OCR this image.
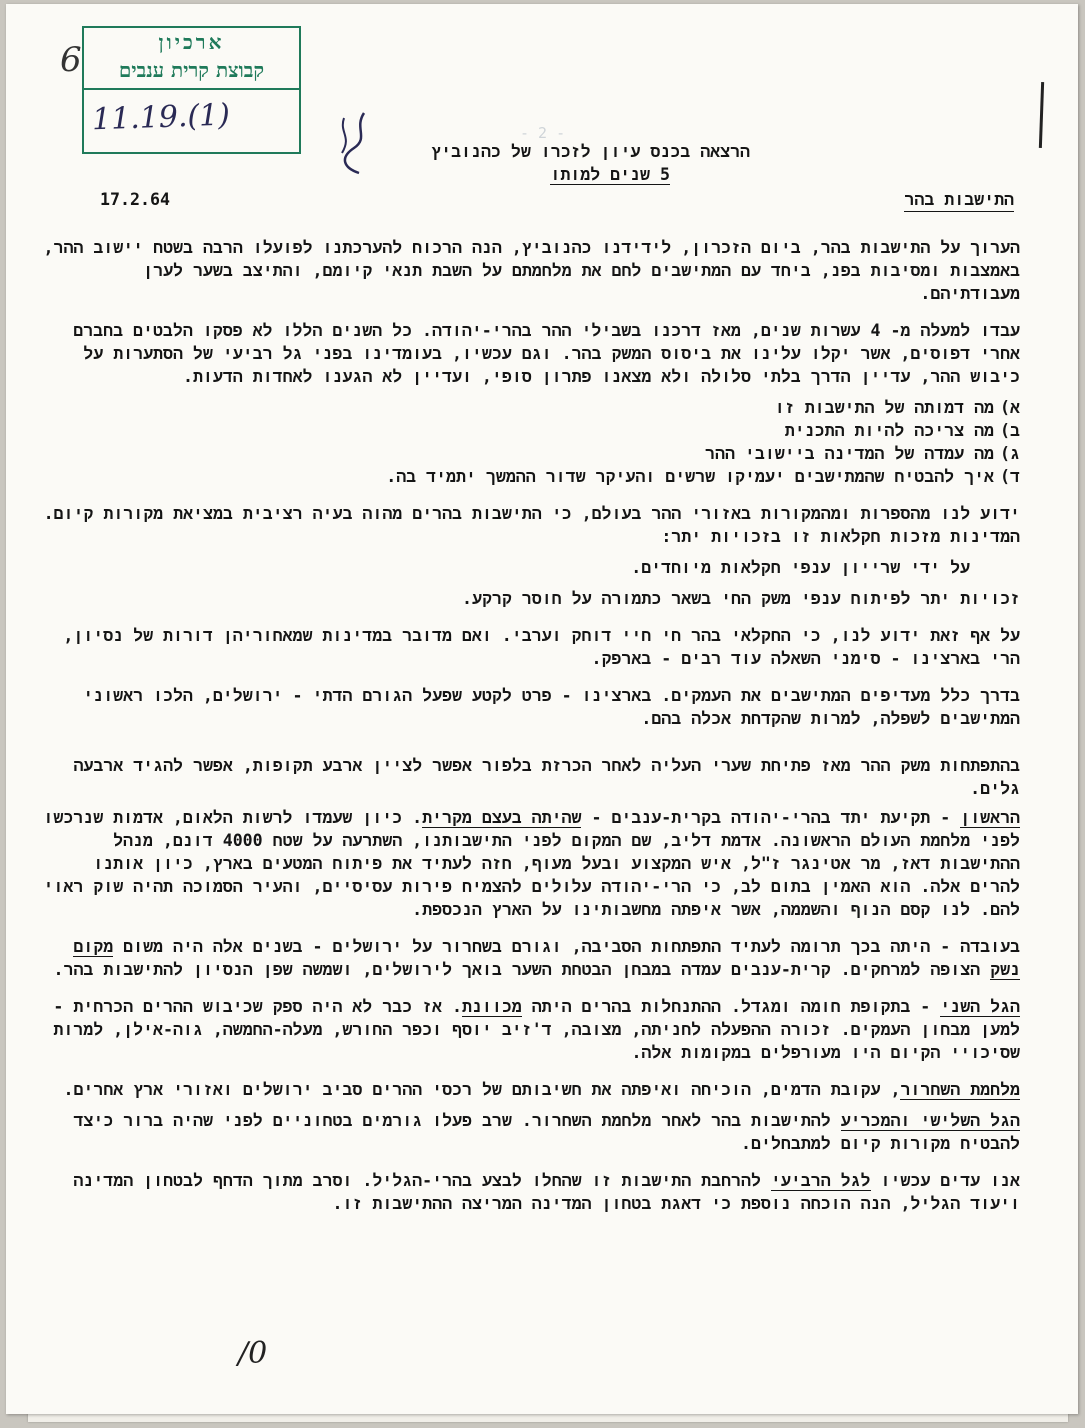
6	ארכיון
קבוצת קרית ענבים
11.19.(1)	- 2 -

הרצאה בכנס עיון לזכרו של כהנוביץ

5 שנים למותו

התישבות בהר
17.2.64

הערוך על התישבות בהר, ביום הזכרון, לידידנו כהנוביץ, הנה הרכוח להערכתנו לפועלו הרבה בשטח יישוב ההר, באמצבות ומסיבות בפנ, ביחד עם המתישבים לחם את מלחמתם על השבת תנאי קיומם, והתיצב בשער לערן מעבודתיהם.

עבדו למעלה מ- 4 עשרות שנים, מאז דרכנו בשבילי ההר בהרי-יהודה. כל השנים הללו לא פסקו הלבטים בחברם אחרי דפוסים, אשר יקלו עלינו את ביסוס המשק בהר. וגם עכשיו, בעומדינו בפני גל רביעי של הסתערות על כיבוש ההר, עדיין הדרך בלתי סלולה ולא מצאנו פתרון סופי, ועדיין לא הגענו לאחדות הדעות.

א)
מה דמותה של התישבות זו
ב)
מה צריכה להיות התכנית
ג)
מה עמדה של המדינה ביישובי ההר
ד)
איך להבטיח שהמתישבים יעמיקו שרשים והעיקר שדור ההמשך יתמיד בה.

ידוע לנו מהספרות ומהמקורות באזורי ההר בעולם, כי התישבות בהרים מהוה בעיה רציבית במציאת מקורות קיום. המדינות מזכות חקלאות זו בזכויות יתר:

על ידי שרייון ענפי חקלאות מיוחדים.

זכויות יתר לפיתוח ענפי משק החי בשאר כתמורה על חוסר קרקע.

על אף זאת ידוע לנו, כי החקלאי בהר חי חיי דוחק וערבי. ואם מדובר במדינות שמאחוריהן דורות של נסיון, הרי בארצינו - סימני השאלה עוד רבים - בארפק.

בדרך כלל מעדיפים המתישבים את העמקים. בארצינו - פרט לקטע שפעל הגורם הדתי - ירושלים, הלכו ראשוני המתישבים לשפלה, למרות שהקדחת אכלה בהם.

בהתפתחות משק ההר מאז פתיחת שערי העליה לאחר הכרזת בלפור אפשר לציין ארבע תקופות, אפשר להגיד ארבעה גלים.

הראשון - תקיעת יתד בהרי-יהודה בקרית-ענבים - שהיתה בעצם מקרית. כיון שעמדו לרשות הלאום, אדמות שנרכשו לפני מלחמת העולם הראשונה. אדמת דליב, שם המקום לפני התישבותנו, השתרעה על שטח 4000 דונם, מנהל ההתישבות דאז, מר אטינגר ז"ל, איש המקצוע ובעל מעוף, חזה לעתיד את פיתוח המטעים בארץ, כיון אותנו להרים אלה. הוא האמין בתום לב, כי הרי-יהודה עלולים להצמיח פירות עסיסיים, והעיר הסמוכה תהיה שוק ראוי להם. לנו קסם הנוף והשממה, אשר איפתה מחשבותינו על הארץ הנכספת.

בעובדה - היתה בכך תרומה לעתיד התפתחות הסביבה, וגורם בשחרור על ירושלים - בשנים אלה היה משום מקום נשק הצופה למרחקים. קרית-ענבים עמדה במבחן הבטחת השער בואך לירושלים, ושמשה שפן הנסיון להתישבות בהר.

הגל השני - בתקופת חומה ומגדל. ההתנחלות בהרים היתה מכוונת. אז כבר לא היה ספק שכיבוש ההרים הכרחית - למען מבחון העמקים. זכורה ההפעלה לחניתה, מצובה, ד'זיב יוסף וכפר החורש, מעלה-החמשה, גוה-אילן, למרות שסיכויי הקיום היו מעורפלים במקומות אלה.

מלחמת השחרור, עקובת הדמים, הוכיחה ואיפתה את חשיבותם של רכסי ההרים סביב ירושלים ואזורי ארץ אחרים.

הגל השלישי והמכריע להתישבות בהר לאחר מלחמת השחרור. שרב פעלו גורמים בטחוניים לפני שהיה ברור כיצד להבטיח מקורות קיום למתבחלים.

אנו עדים עכשיו לגל הרביעי להרחבת התישבות זו שהחלו לבצע בהרי-הגליל. וסרב מתוך הדחף לבטחון המדינה ויעוד הגליל, הנה הוכחה נוספת כי דאגת בטחון המדינה המריצה ההתישבות זו.

/0
